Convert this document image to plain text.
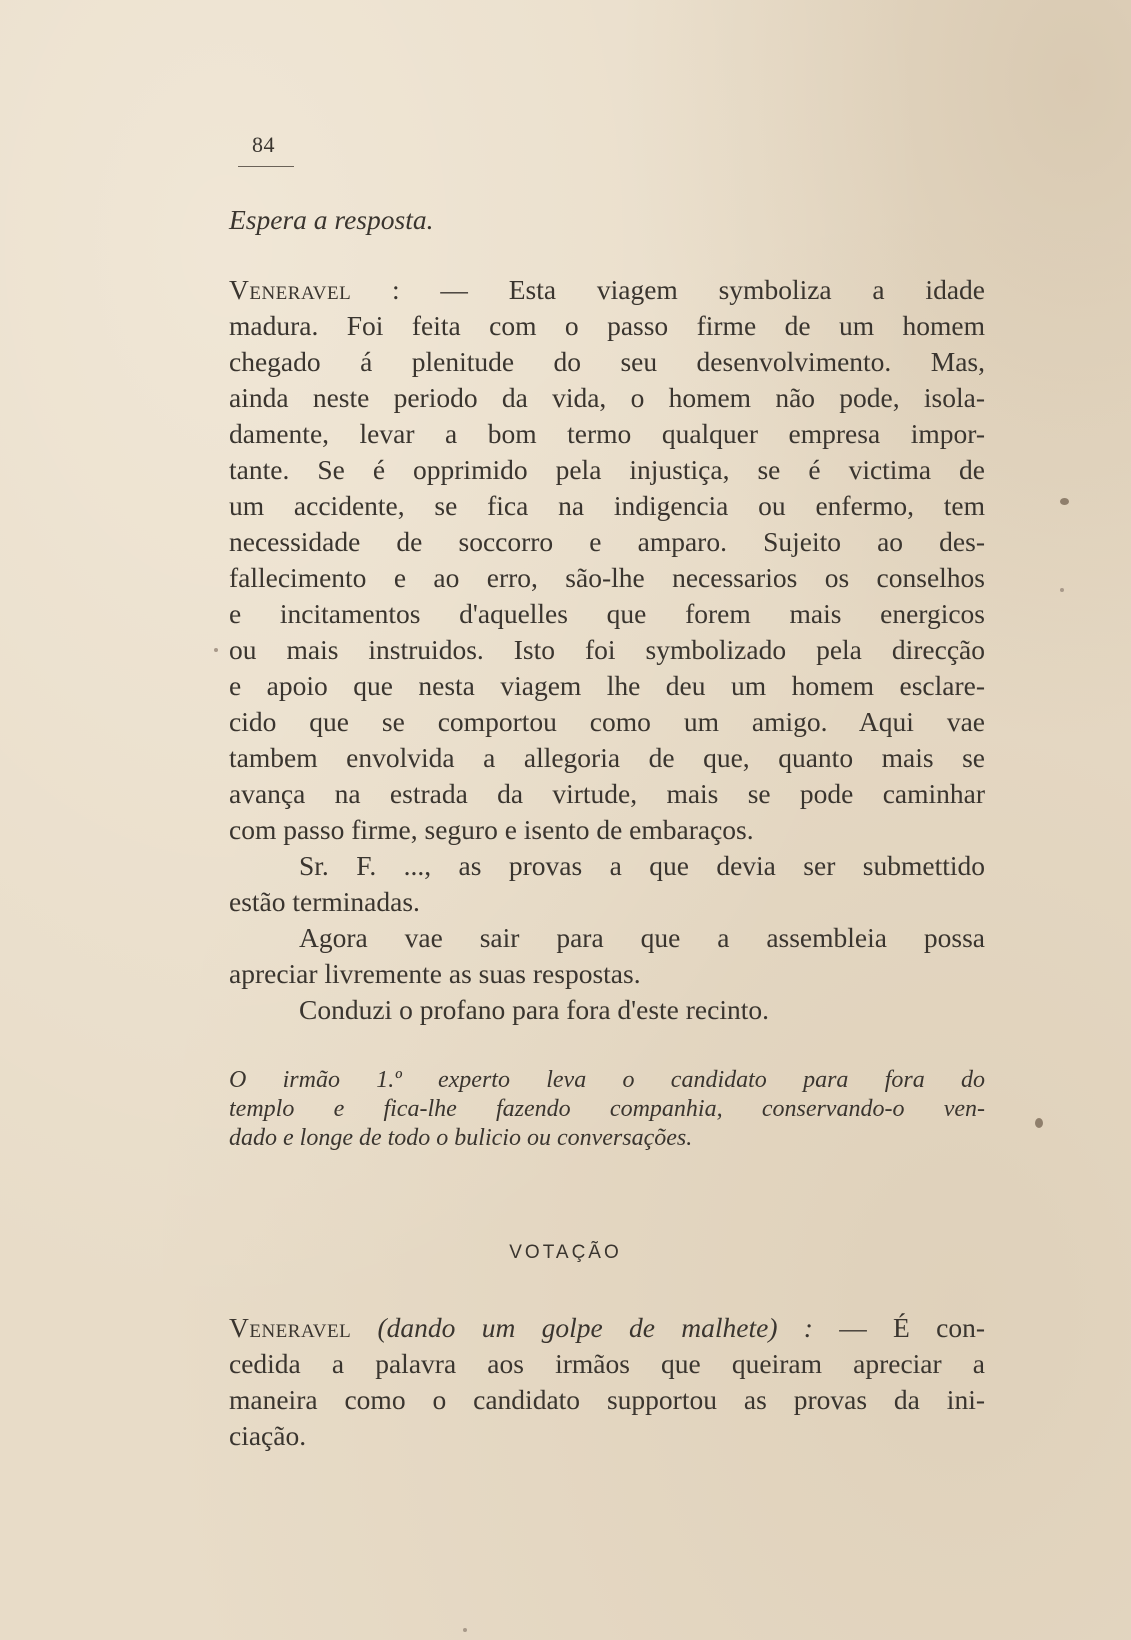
84
Espera a resposta.
Veneravel : — Esta viagem symboliza a idade
madura. Foi feita com o passo firme de um homem
chegado á plenitude do seu desenvolvimento. Mas,
ainda neste periodo da vida, o homem não pode, isola-
damente, levar a bom termo qualquer empresa impor-
tante. Se é opprimido pela injustiça, se é victima de
um accidente, se fica na indigencia ou enfermo, tem
necessidade de soccorro e amparo. Sujeito ao des-
fallecimento e ao erro, são-lhe necessarios os conselhos
e incitamentos d'aquelles que forem mais energicos
ou mais instruidos. Isto foi symbolizado pela direcção
e apoio que nesta viagem lhe deu um homem esclare-
cido que se comportou como um amigo. Aqui vae
tambem envolvida a allegoria de que, quanto mais se
avança na estrada da virtude, mais se pode caminhar
com passo firme, seguro e isento de embaraços.
Sr. F. ..., as provas a que devia ser submettido
estão terminadas.
Agora vae sair para que a assembleia possa
apreciar livremente as suas respostas.
Conduzi o profano para fora d'este recinto.
O irmão 1.º experto leva o candidato para fora do
templo e fica-lhe fazendo companhia, conservando-o ven-
dado e longe de todo o bulicio ou conversações.
VOTAÇÃO
Veneravel (dando um golpe de malhete) : — É con-
cedida a palavra aos irmãos que queiram apreciar a
maneira como o candidato supportou as provas da ini-
ciação.
